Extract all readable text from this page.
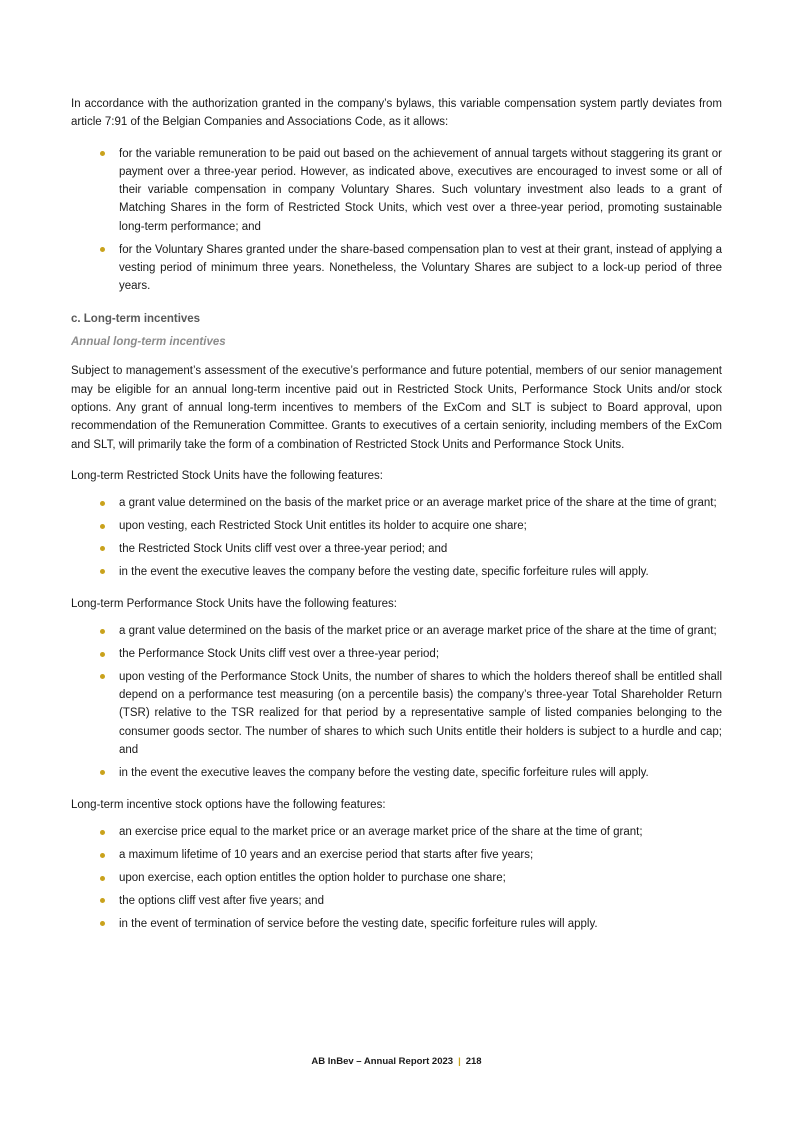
In accordance with the authorization granted in the company’s bylaws, this variable compensation system partly deviates from article 7:91 of the Belgian Companies and Associations Code, as it allows:

for the variable remuneration to be paid out based on the achievement of annual targets without staggering its grant or payment over a three-year period. However, as indicated above, executives are encouraged to invest some or all of their variable compensation in company Voluntary Shares. Such voluntary investment also leads to a grant of Matching Shares in the form of Restricted Stock Units, which vest over a three-year period, promoting sustainable long-term performance; and
for the Voluntary Shares granted under the share-based compensation plan to vest at their grant, instead of applying a vesting period of minimum three years. Nonetheless, the Voluntary Shares are subject to a lock-up period of three years.
c. Long-term incentives
Annual long-term incentives

Subject to management’s assessment of the executive’s performance and future potential, members of our senior management may be eligible for an annual long-term incentive paid out in Restricted Stock Units, Performance Stock Units and/or stock options. Any grant of annual long-term incentives to members of the ExCom and SLT is subject to Board approval, upon recommendation of the Remuneration Committee. Grants to executives of a certain seniority, including members of the ExCom and SLT, will primarily take the form of a combination of Restricted Stock Units and Performance Stock Units.

Long-term Restricted Stock Units have the following features:

a grant value determined on the basis of the market price or an average market price of the share at the time of grant;
upon vesting, each Restricted Stock Unit entitles its holder to acquire one share;
the Restricted Stock Units cliff vest over a three-year period; and
in the event the executive leaves the company before the vesting date, specific forfeiture rules will apply.

Long-term Performance Stock Units have the following features:

a grant value determined on the basis of the market price or an average market price of the share at the time of grant;
the Performance Stock Units cliff vest over a three-year period;
upon vesting of the Performance Stock Units, the number of shares to which the holders thereof shall be entitled shall depend on a performance test measuring (on a percentile basis) the company’s three-year Total Shareholder Return (TSR) relative to the TSR realized for that period by a representative sample of listed companies belonging to the consumer goods sector. The number of shares to which such Units entitle their holders is subject to a hurdle and cap; and
in the event the executive leaves the company before the vesting date, specific forfeiture rules will apply.

Long-term incentive stock options have the following features:

an exercise price equal to the market price or an average market price of the share at the time of grant;
a maximum lifetime of 10 years and an exercise period that starts after five years;
upon exercise, each option entitles the option holder to purchase one share;
the options cliff vest after five years; and
in the event of termination of service before the vesting date, specific forfeiture rules will apply.
AB InBev – Annual Report 2023 | 218
